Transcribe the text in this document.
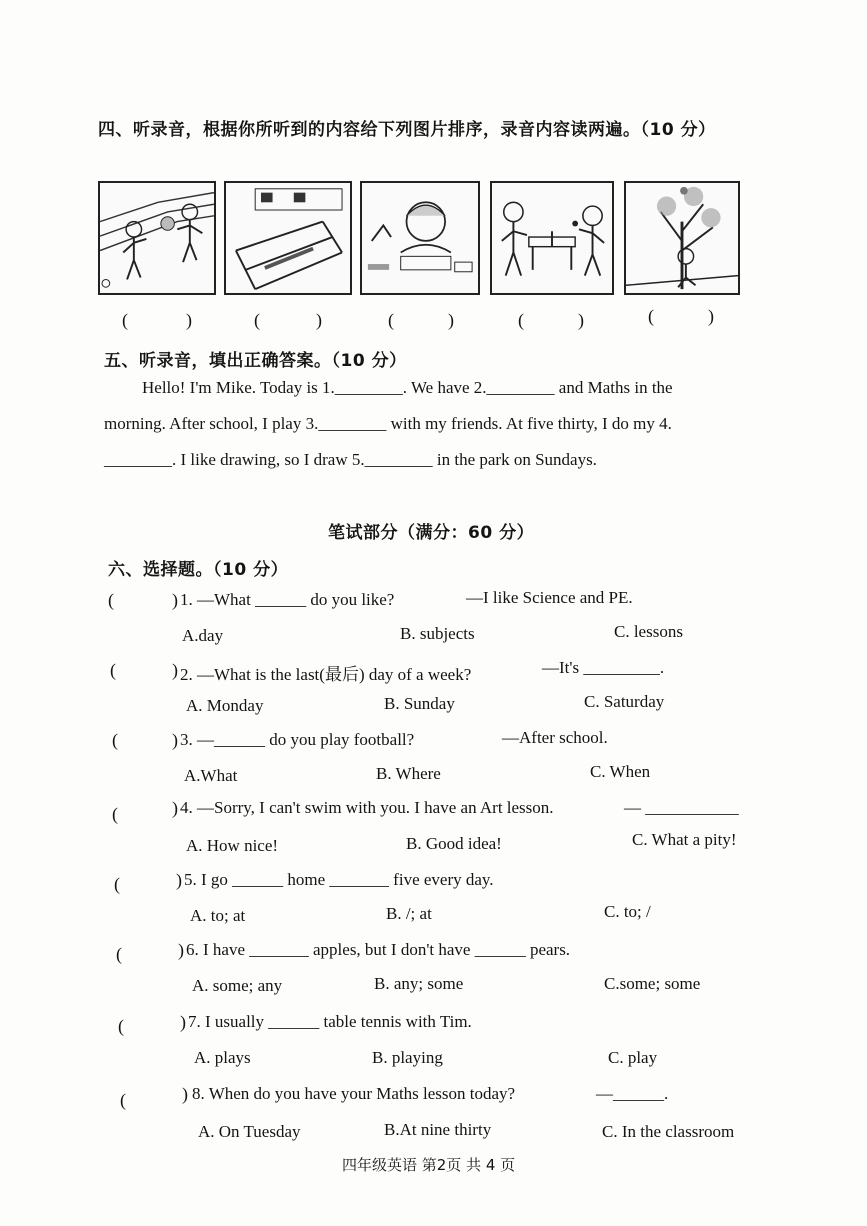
四、听录音，根据你所听到的内容给下列图片排序，录音内容读两遍。（10 分）
(	)	(	)	(	)	(	)	(	)
五、听录音，填出正确答案。（10 分）
Hello! I'm Mike. Today is 1.________. We have 2.________ and Maths in the
morning. After school, I play 3.________ with my friends. At five thirty, I do my 4.
________. I like drawing, so I draw 5.________ in the park on Sundays.
笔试部分（满分：60 分）
六、选择题。（10 分）
(	) 1. —What ______ do you like?	—I like Science and PE.
A.day	B. subjects	C. lessons
(	) 2. —What is the last(最后) day of a week?	—It's _________.
A. Monday	B. Sunday	C. Saturday
(	) 3. —______ do you play football?	—After school.
A.What	B. Where	C. When
(	) 4. —Sorry, I can't swim with you. I have an Art lesson.	— ___________
A. How nice!	B. Good idea!	C. What a pity!
(	) 5. I go ______ home _______ five every day.
A. to; at	B. /; at	C. to; /
(	) 6. I have _______ apples, but I don't have ______ pears.
A. some; any	B. any; some	C.some; some
(	) 7. I usually ______ table tennis with Tim.
A. plays	B. playing	C. play
(	) 8. When do you have your Maths lesson today?	—______.
A. On Tuesday	B.At nine thirty	C. In the classroom
四年级英语 第2页 共 4 页
